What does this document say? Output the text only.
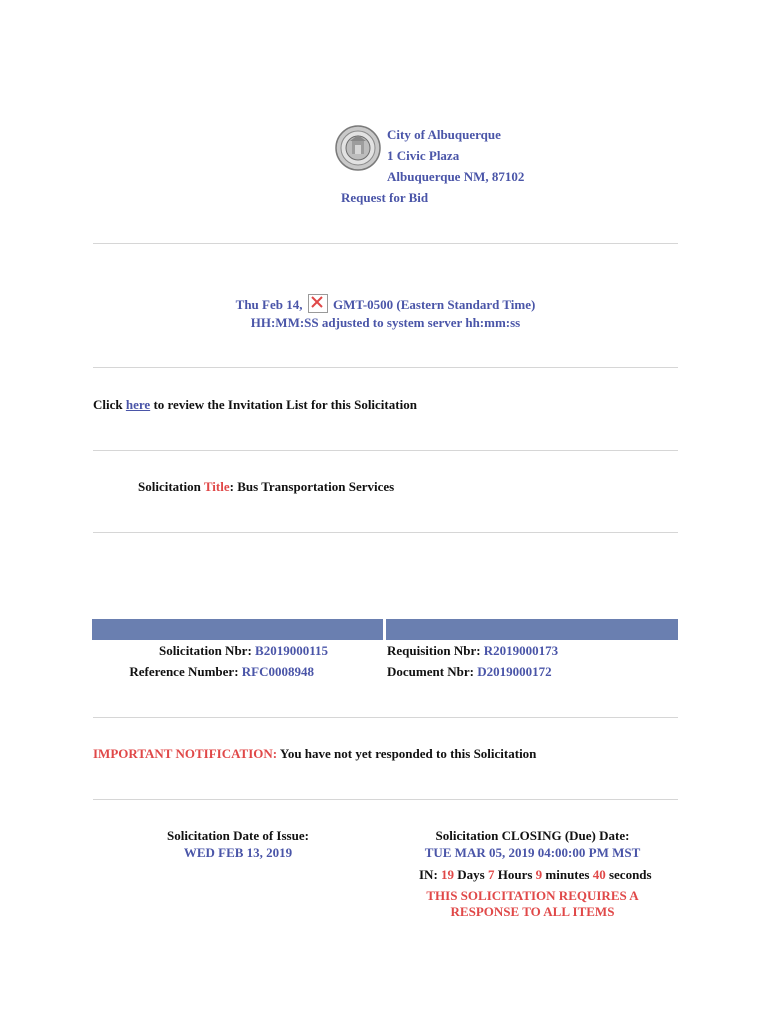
City of Albuquerque
1 Civic Plaza
Albuquerque NM, 87102
Request for Bid
Thu Feb 14, GMT-0500 (Eastern Standard Time)
HH:MM:SS adjusted to system server hh:mm:ss
Click here to review the Invitation List for this Solicitation
Solicitation Title: Bus Transportation Services
Solicitation Nbr: B2019000115
Reference Number: RFC0008948
Requisition Nbr: R2019000173
Document Nbr: D2019000172
IMPORTANT NOTIFICATION: You have not yet responded to this Solicitation
Solicitation Date of Issue:
WED FEB 13, 2019
Solicitation CLOSING (Due) Date:
TUE MAR 05, 2019 04:00:00 PM MST
IN: 19 Days 7 Hours 9 minutes 40 seconds
THIS SOLICITATION REQUIRES A
RESPONSE TO ALL ITEMS
